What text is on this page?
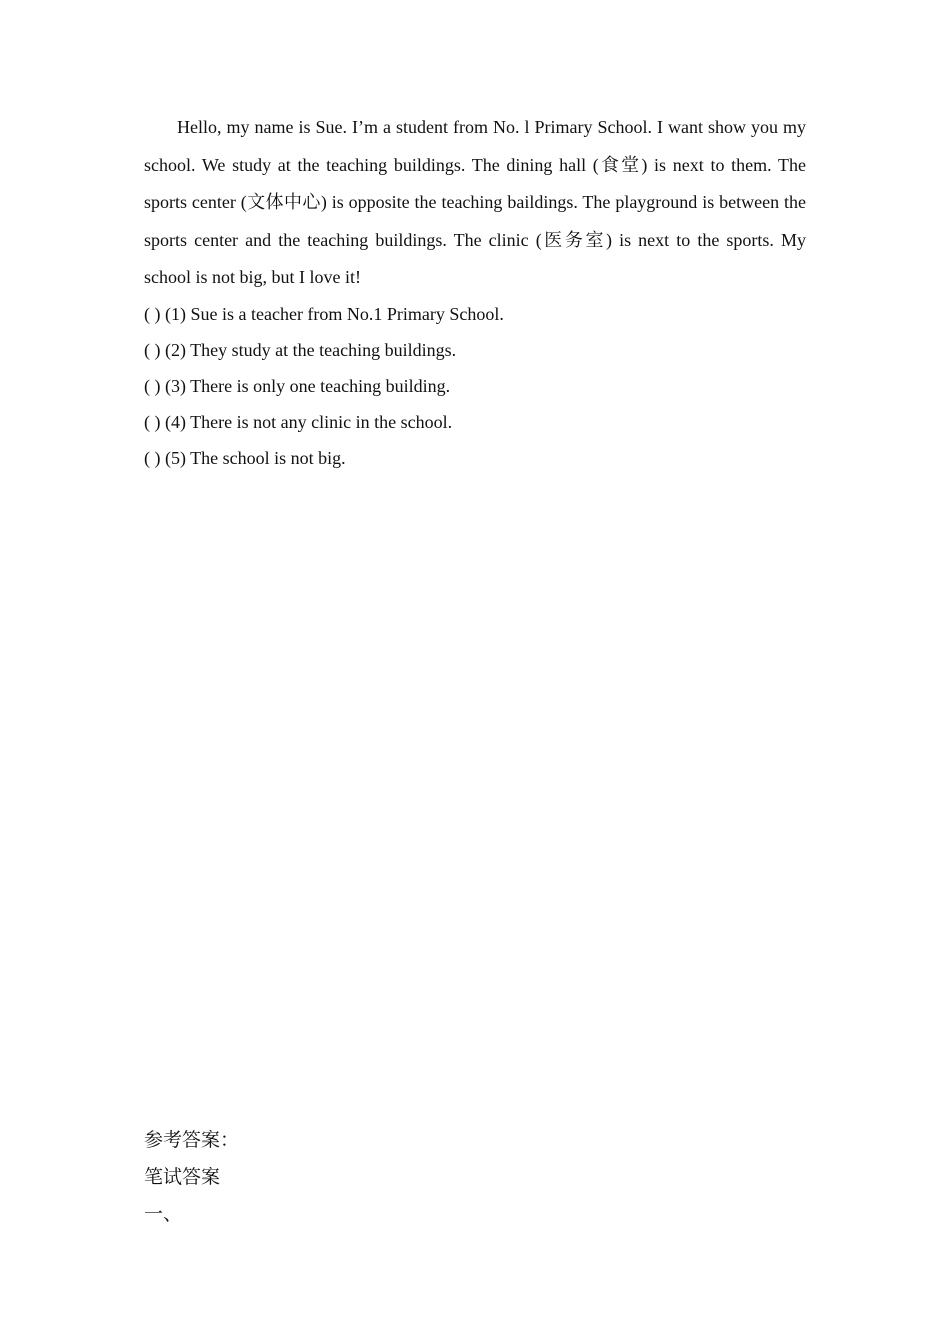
Hello, my name is Sue. I’m a student from No. l Primary School. I want show you my school. We study at the teaching buildings. The dining hall (食堂) is next to them. The sports center (文体中心) is opposite the teaching baildings. The playground is between the sports center and the teaching buildings. The clinic (医务室) is next to the sports. My school is not big, but I love it!

( ) (1) Sue is a teacher from No.1 Primary School.
( ) (2) They study at the teaching buildings.
( ) (3) There is only one teaching building.
( ) (4) There is not any clinic in the school.
( ) (5) The school is not big.
参考答案：
笔试答案
一、
